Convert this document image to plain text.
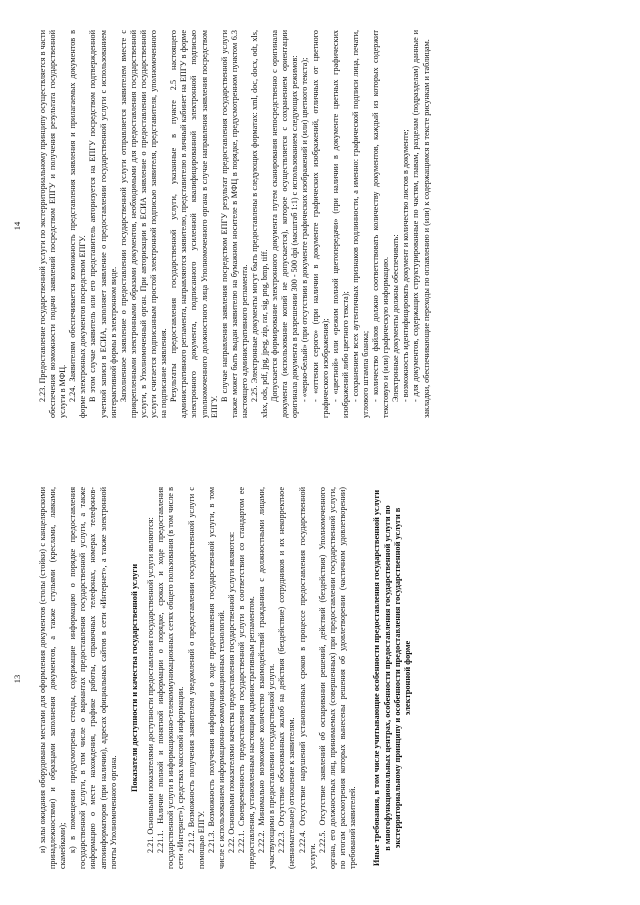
13 и) залы ожидания оборудованы местами для оформления документов (столы (стойки) с канцелярскими принадлежностями) и образцами заполнения документов, а также стульями (креслами, лавками, скамейками); к) в помещении предусмотрены стенды, содержащие информацию о порядке предоставления государственной услуги, в том числе о вариантах предоставления государственной услуги, а также информацию о месте нахождения, графике работы, справочных телефонах, номерах телефонов-автоинформаторов (при наличии), адресах официальных сайтов в сети «Интернет», а также электронной почты Уполномоченного органа.

Показатели доступности и качества государственной услуги 2.21. Основными показателями доступности предоставления государственной услуги являются: 2.21.1. Наличие полной и понятной информации о порядке, сроках и ходе предоставления государственной услуги в информационно-телекоммуникационных сетях общего пользования (в том числе в сети «Интернет»), средствах массовой информации. 2.21.2. Возможность получения заявителем уведомлений о предоставлении государственной услуги с помощью ЕПГУ. 2.21.3. Возможность получения информации о ходе предоставления государственной услуги, в том числе с использованием информационно-коммуникационных технологий. 2.22. Основными показателями качества предоставления государственной услуги являются: 2.22.1. Своевременность предоставления государственной услуги в соответствии со стандартом ее предоставления, установленным настоящим административным регламентом. 2.22.2. Минимально возможное количество взаимодействий гражданина с должностными лицами, участвующими в предоставлении государственной услуги. 2.22.3. Отсутствие обоснованных жалоб на действия (бездействие) сотрудников и их некорректное (невнимательное) отношение к заявителям. 2.22.4. Отсутствие нарушений установленных сроков в процессе предоставления государственной услуги.

2.22.5. Отсутствие заявлений об оспаривании решений, действий (бездействия) Уполномоченного органа, его должностных лиц, принимаемых (совершенных) при предоставлении государственной услуги, по итогам рассмотрения которых вынесены решения об удовлетворении (частичном удовлетворении) требований заявителей. Иные требования, в том числе учитывающие особенности предоставления государственной услуги в многофункциональных центрах, особенности предоставления государственной услуги по экстерриториальному принципу и особенности предоставления государственной услуги в электронной форме
14 2.23. Предоставление государственной услуги по экстерриториальному принципу осуществляется в части обеспечения возможности подачи заявлений посредством ЕПГУ и получения результата государственной услуги в МФЦ. 2.24. Заявителям обеспечивается возможность представления заявления и прилагаемых документов в форме электронных документов посредством ЕПГУ. В этом случае заявитель или его представитель авторизуется на ЕПГУ посредством подтвержденной учетной записи в ЕСИА, заполняет заявление о предоставлении государственной услуги с использованием интерактивной формы в электронном виде. Заполненное заявление о предоставлении государственной услуги отправляется заявителем вместе с прикрепленными электронными образами документов, необходимыми для предоставления государственной услуги, в Уполномоченный орган. При авторизации в ЕСИА заявление о предоставлении государственной услуги считается подписанным простой электронной подписью заявителя, представителя, уполномоченного на подписание заявления. Результаты предоставления государственной услуги, указанные в пункте 2.5 настоящего административного регламента, направляются заявителю, представителю в личный кабинет на ЕПГУ в форме электронного документа, подписанного усиленной квалифицированной электронной подписью уполномоченного должностного лица Уполномоченного органа в случае направления заявления посредством ЕПГУ.

В случае направления заявления посредством ЕПГУ результат предоставления государственной услуги также может быть выдан заявителю на бумажном носителе в МФЦ в порядке, предусмотренном пунктом 6.3 настоящего административного регламента. 2.25. Электронные документы могут быть предоставлены в следующих форматах: xml, doc, docx, odt, xls, xlsx, ods, pdf, jpg, jpeg, zip, rar, sig, png, bmp, tiff. Допускается формирование электронного документа путем сканирования непосредственно с оригинала документа (использование копий не допускается), которое осуществляется с сохранением ориентации оригинала документа в разрешении 300 - 500 dpi (масштаб 1:1) с использованием следующих режимов: - «черно-белый» (при отсутствии в документе графических изображений и (или) цветного текста); - «оттенки серого» (при наличии в документе графических изображений, отличных от цветного графического изображения); - «цветной» или «режим полной цветопередачи» (при наличии в документе цветных графических изображений либо цветного текста); - сохранением всех аутентичных признаков подлинности, а именно: графической подписи лица, печати, углового штампа бланка; - количество файлов должно соответствовать количеству документов, каждый из которых содержит текстовую и (или) графическую информацию. Электронные документы должны обеспечивать: - возможность идентифицировать документ и количество листов в документе; - для документов, содержащих структурированные по частям, главам, разделам (подразделам) данные и закладки, обеспечивающие переходы по оглавлению и (или) к содержащимся в тексте рисункам и таблицам.
